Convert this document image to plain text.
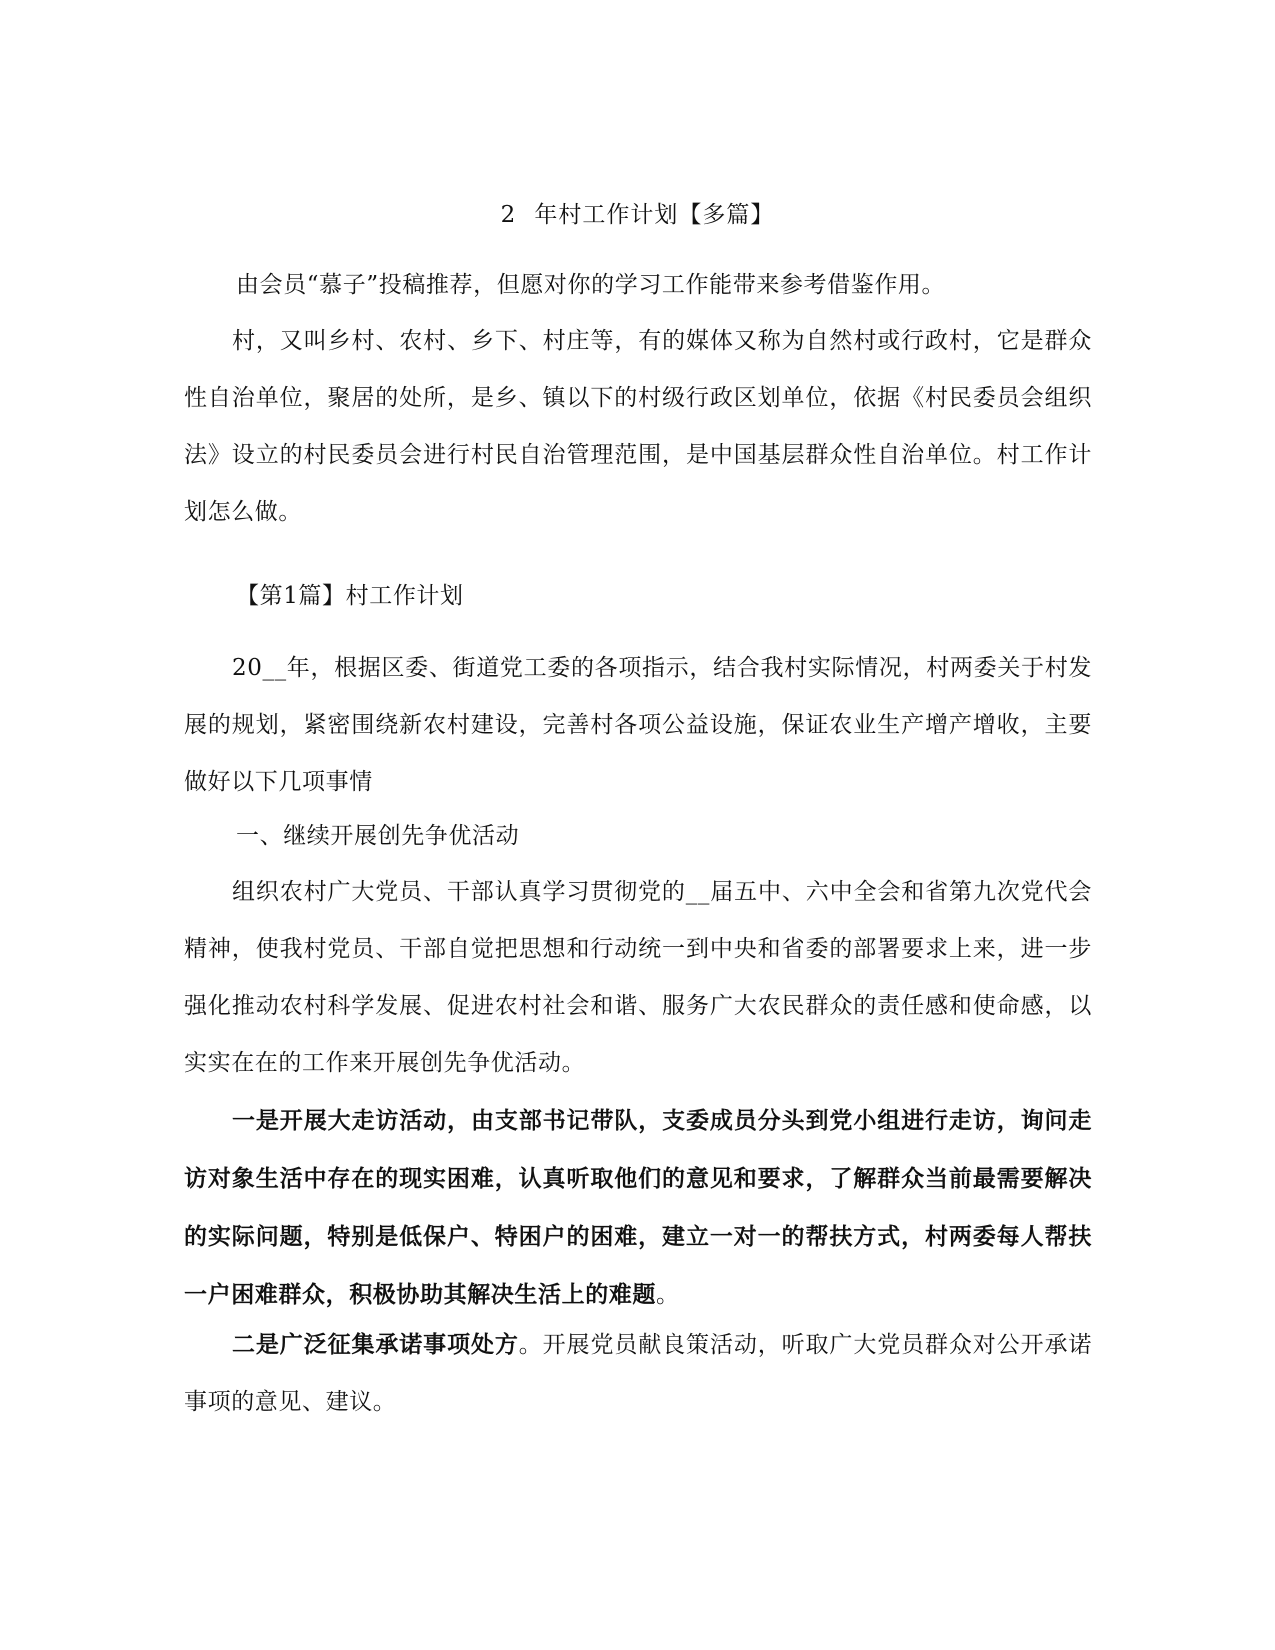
2 年村工作计划【多篇】

由会员“慕子”投稿推荐，但愿对你的学习工作能带来参考借鉴作用。

村，又叫乡村、农村、乡下、村庄等，有的媒体又称为自然村或行政村，它是群众性自治单位，聚居的处所，是乡、镇以下的村级行政区划单位，依据《村民委员会组织法》设立的村民委员会进行村民自治管理范围，是中国基层群众性自治单位。村工作计划怎么做。

【第1篇】村工作计划

20__年，根据区委、街道党工委的各项指示，结合我村实际情况，村两委关于村发展的规划，紧密围绕新农村建设，完善村各项公益设施，保证农业生产增产增收，主要做好以下几项事情

一、继续开展创先争优活动

组织农村广大党员、干部认真学习贯彻党的__届五中、六中全会和省第九次党代会精神，使我村党员、干部自觉把思想和行动统一到中央和省委的部署要求上来，进一步强化推动农村科学发展、促进农村社会和谐、服务广大农民群众的责任感和使命感，以实实在在的工作来开展创先争优活动。

一是开展大走访活动，由支部书记带队，支委成员分头到党小组进行走访，询问走访对象生活中存在的现实困难，认真听取他们的意见和要求，了解群众当前最需要解决的实际问题，特别是低保户、特困户的困难，建立一对一的帮扶方式，村两委每人帮扶一户困难群众，积极协助其解决生活上的难题。

二是广泛征集承诺事项处方。开展党员献良策活动，听取广大党员群众对公开承诺事项的意见、建议。
